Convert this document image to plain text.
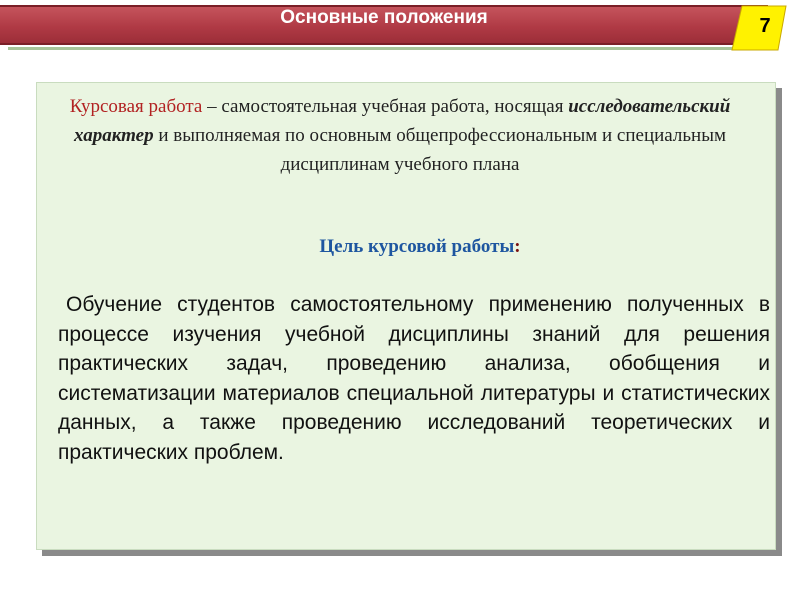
Основные положения	7
Курсовая работа – самостоятельная учебная работа, носящая исследовательский характер и выполняемая по основным общепрофессиональным и специальным дисциплинам учебного плана
Цель курсовой работы:
Обучение студентов самостоятельному применению полученных в процессе изучения учебной дисциплины знаний для решения практических задач, проведению анализа, обобщения и систематизации материалов специальной литературы и статистических данных, а также проведению исследований теоретических и практических проблем.
